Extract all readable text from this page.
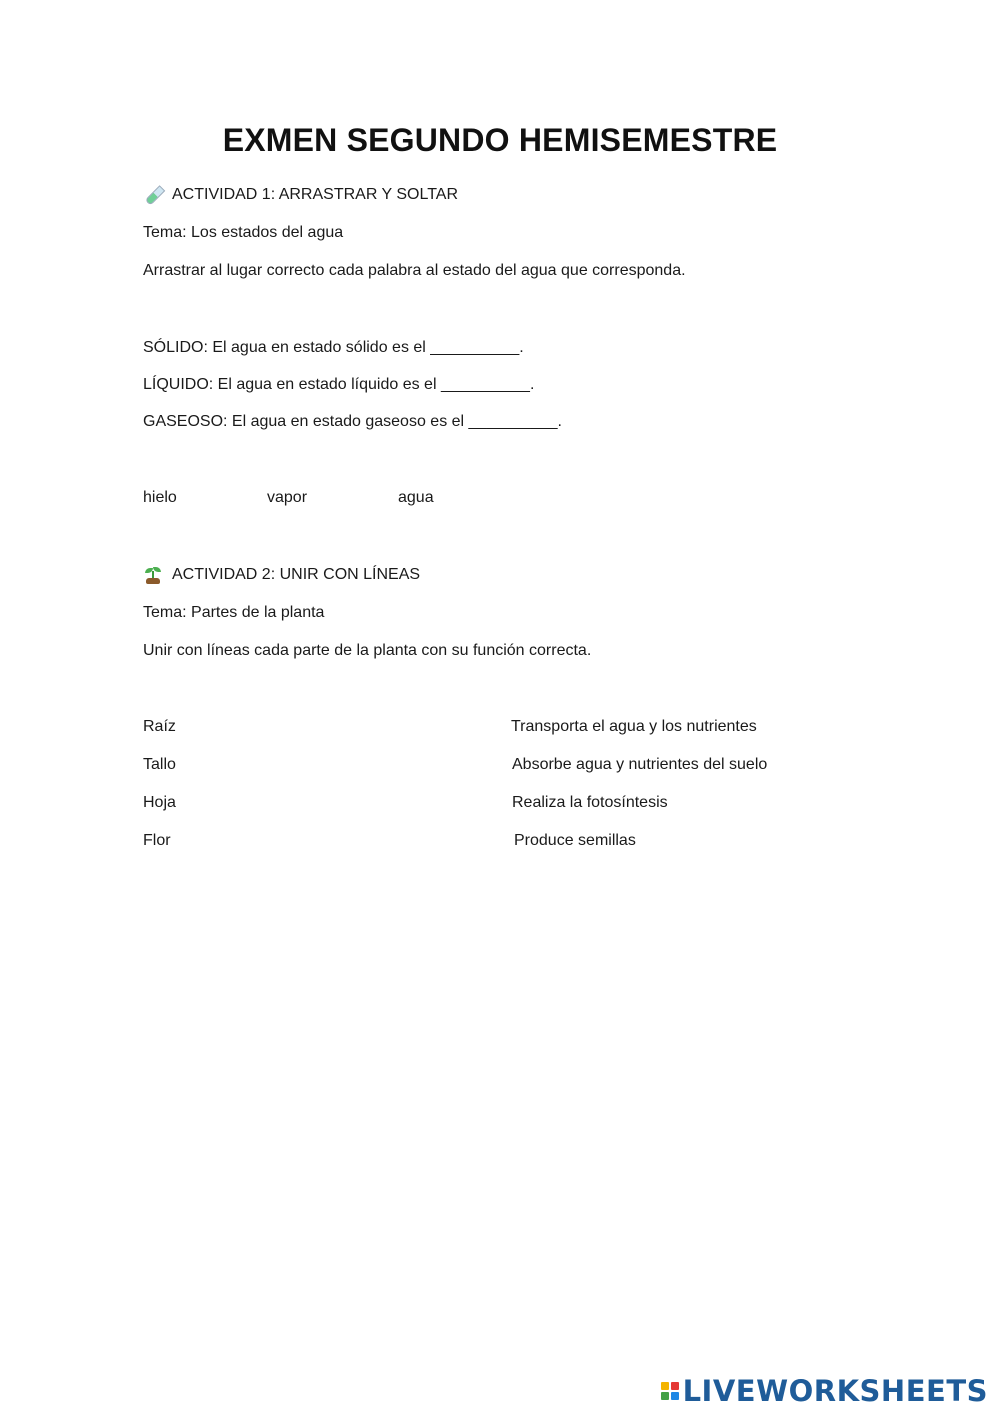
EXMEN SEGUNDO HEMISEMESTRE
ACTIVIDAD 1: ARRASTRAR Y SOLTAR
Tema: Los estados del agua
Arrastrar al lugar correcto cada palabra al estado del agua que corresponda.
SÓLIDO: El agua en estado sólido es el __________.
LÍQUIDO: El agua en estado líquido es el __________.
GASEOSO: El agua en estado gaseoso es el __________.
hielo	vapor	agua
ACTIVIDAD 2: UNIR CON LÍNEAS
Tema: Partes de la planta
Unir con líneas cada parte de la planta con su función correcta.
Raíz
Tallo
Hoja
Flor
Transporta el agua y los nutrientes
Absorbe agua y nutrientes del suelo
Realiza la fotosíntesis
Produce semillas
LIVEWORKSHEETS
